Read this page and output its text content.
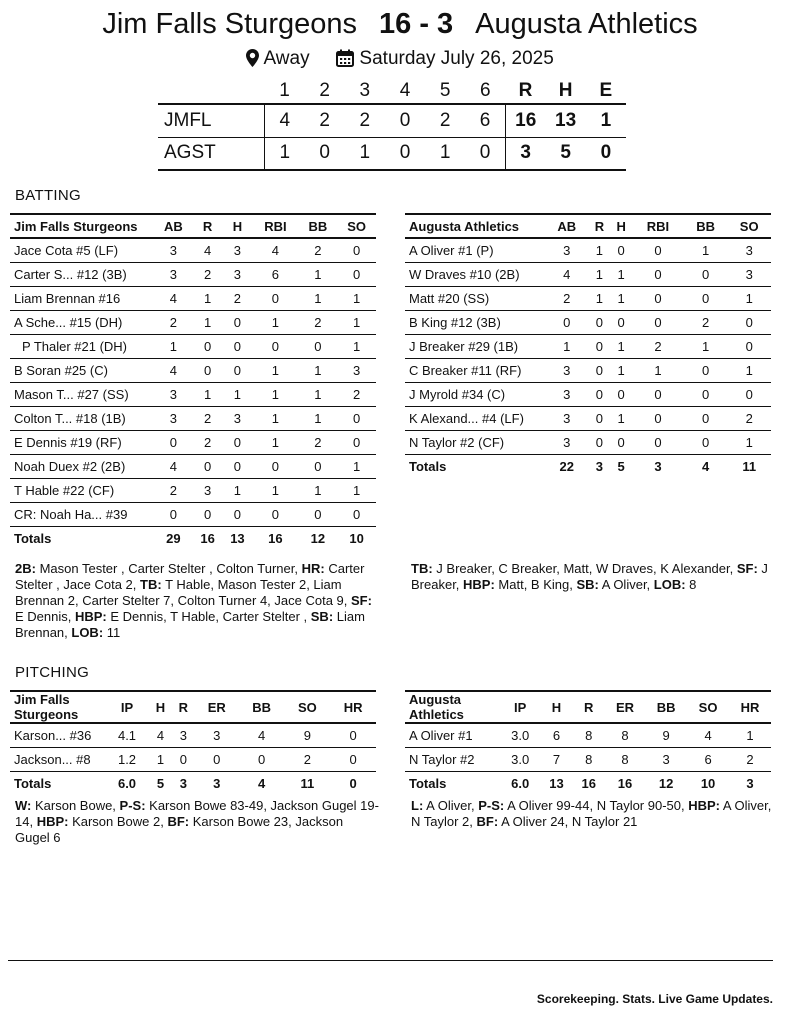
Jim Falls Sturgeons 16 - 3 Augusta Athletics
Away	Saturday July 26, 2025
	1	2	3	4	5	6	R	H	E
JMFL	4	2	2	0	2	6	16	13	1
AGST	1	0	1	0	1	0	3	5	0
BATTING
Jim Falls Sturgeons	AB	R	H	RBI	BB	SO
Jace Cota #5 (LF)	3	4	3	4	2	0
Carter S... #12 (3B)	3	2	3	6	1	0
Liam Brennan #16	4	1	2	0	1	1
A Sche... #15 (DH)	2	1	0	1	2	1
P Thaler #21 (DH)	1	0	0	0	0	1
B Soran #25 (C)	4	0	0	1	1	3
Mason T... #27 (SS)	3	1	1	1	1	2
Colton T... #18 (1B)	3	2	3	1	1	0
E Dennis #19 (RF)	0	2	0	1	2	0
Noah Duex #2 (2B)	4	0	0	0	0	1
T Hable #22 (CF)	2	3	1	1	1	1
CR: Noah Ha... #39	0	0	0	0	0	0
Totals	29	16	13	16	12	10
Augusta Athletics	AB	R	H	RBI	BB	SO
A Oliver #1 (P)	3	1	0	0	1	3
W Draves #10 (2B)	4	1	1	0	0	3
Matt #20 (SS)	2	1	1	0	0	1
B King #12 (3B)	0	0	0	0	2	0
J Breaker #29 (1B)	1	0	1	2	1	0
C Breaker #11 (RF)	3	0	1	1	0	1
J Myrold #34 (C)	3	0	0	0	0	0
K Alexand... #4 (LF)	3	0	1	0	0	2
N Taylor #2 (CF)	3	0	0	0	0	1
Totals	22	3	5	3	4	11
2B: Mason Tester , Carter Stelter , Colton Turner, HR: Carter Stelter , Jace Cota 2, TB: T Hable, Mason Tester 2, Liam Brennan 2, Carter Stelter 7, Colton Turner 4, Jace Cota 9, SF: E Dennis, HBP: E Dennis, T Hable, Carter Stelter , SB: Liam Brennan, LOB: 11
TB: J Breaker, C Breaker, Matt, W Draves, K Alexander, SF: J Breaker, HBP: Matt, B King, SB: A Oliver, LOB: 8
PITCHING
Jim Falls Sturgeons	IP	H	R	ER	BB	SO	HR
Karson... #36	4.1	4	3	3	4	9	0
Jackson... #8	1.2	1	0	0	0	2	0
Totals	6.0	5	3	3	4	11	0
Augusta Athletics	IP	H	R	ER	BB	SO	HR
A Oliver #1	3.0	6	8	8	9	4	1
N Taylor #2	3.0	7	8	8	3	6	2
Totals	6.0	13	16	16	12	10	3
W: Karson Bowe, P-S: Karson Bowe 83-49, Jackson Gugel 19-14, HBP: Karson Bowe 2, BF: Karson Bowe 23, Jackson Gugel 6
L: A Oliver, P-S: A Oliver 99-44, N Taylor 90-50, HBP: A Oliver, N Taylor 2, BF: A Oliver 24, N Taylor 21
Scorekeeping. Stats. Live Game Updates.
